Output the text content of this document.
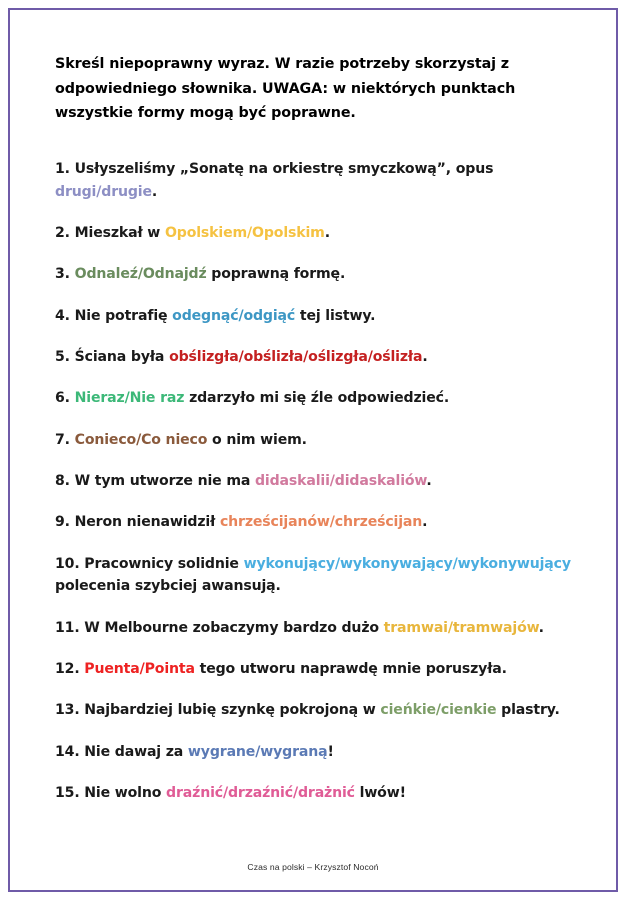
Skreśl niepoprawny wyraz. W razie potrzeby skorzystaj z odpowiedniego słownika. UWAGA: w niektórych punktach wszystkie formy mogą być poprawne.
1. Usłyszeliśmy „Sonatę na orkiestrę smyczkową”, opus drugi/drugie.
2. Mieszkał w Opolskiem/Opolskim.
3. Odnaleź/Odnajdź poprawną formę.
4. Nie potrafię odegnąć/odgiąć tej listwy.
5. Ściana była obślizgła/obślizła/oślizgła/oślizła.
6. Nieraz/Nie raz zdarzyło mi się źle odpowiedzieć.
7. Conieco/Co nieco o nim wiem.
8. W tym utworze nie ma didaskalii/didaskaliów.
9. Neron nienawidził chrześcijanów/chrześcijan.
10. Pracownicy solidnie wykonujący/wykonywający/wykonywujący polecenia szybciej awansują.
11. W Melbourne zobaczymy bardzo dużo tramwai/tramwajów.
12. Puenta/Pointa tego utworu naprawdę mnie poruszyła.
13. Najbardziej lubię szynkę pokrojoną w cieńkie/cienkie plastry.
14. Nie dawaj za wygrane/wygraną!
15. Nie wolno draźnić/drzaźnić/drażnić lwów!
Czas na polski – Krzysztof Nocoń
